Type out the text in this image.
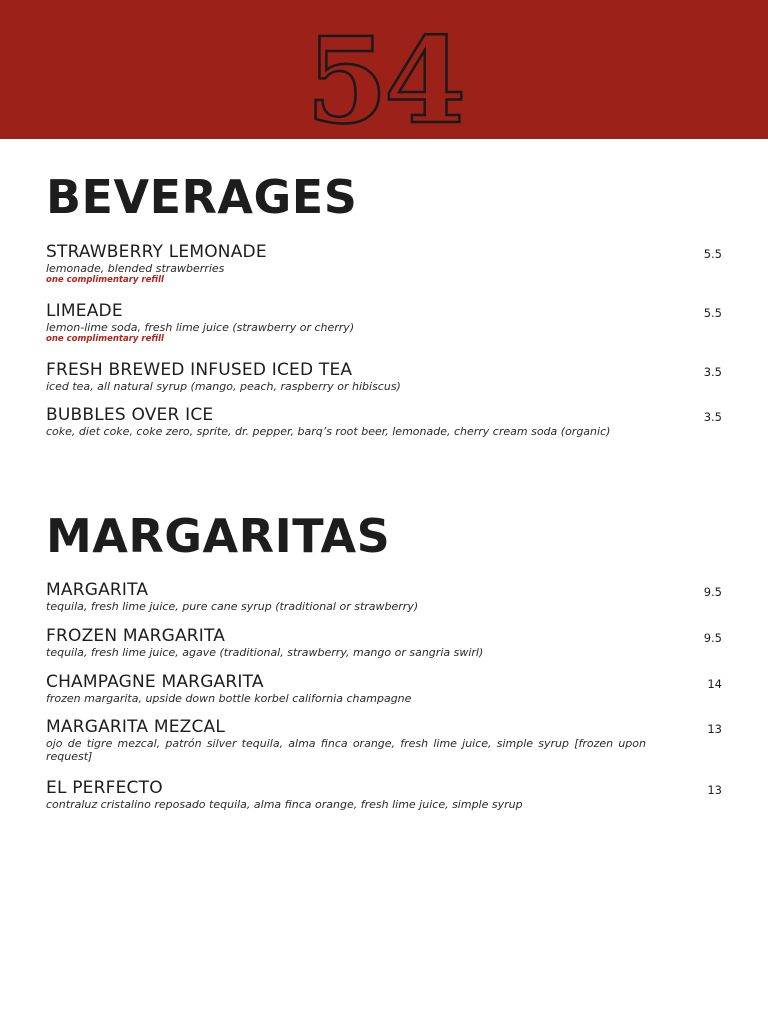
54
BEVERAGES
STRAWBERRY LEMONADE
lemonade, blended strawberries
one complimentary refill
5.5
LIMEADE
lemon-lime soda, fresh lime juice (strawberry or cherry)
one complimentary refill
5.5
FRESH BREWED INFUSED ICED TEA
iced tea, all natural syrup (mango, peach, raspberry or hibiscus)
3.5
BUBBLES OVER ICE
coke, diet coke, coke zero, sprite, dr. pepper, barq’s root beer, lemonade, cherry cream soda (organic)
3.5
MARGARITAS
MARGARITA
tequila, fresh lime juice, pure cane syrup (traditional or strawberry)
9.5
FROZEN MARGARITA
tequila, fresh lime juice, agave (traditional, strawberry, mango or sangria swirl)
9.5
CHAMPAGNE MARGARITA
frozen margarita, upside down bottle korbel california champagne
14
MARGARITA MEZCAL
ojo de tigre mezcal, patrón silver tequila, alma finca orange, fresh lime juice, simple syrup [frozen upon request]
13
EL PERFECTO
contraluz cristalino reposado tequila, alma finca orange, fresh lime juice, simple syrup
13
